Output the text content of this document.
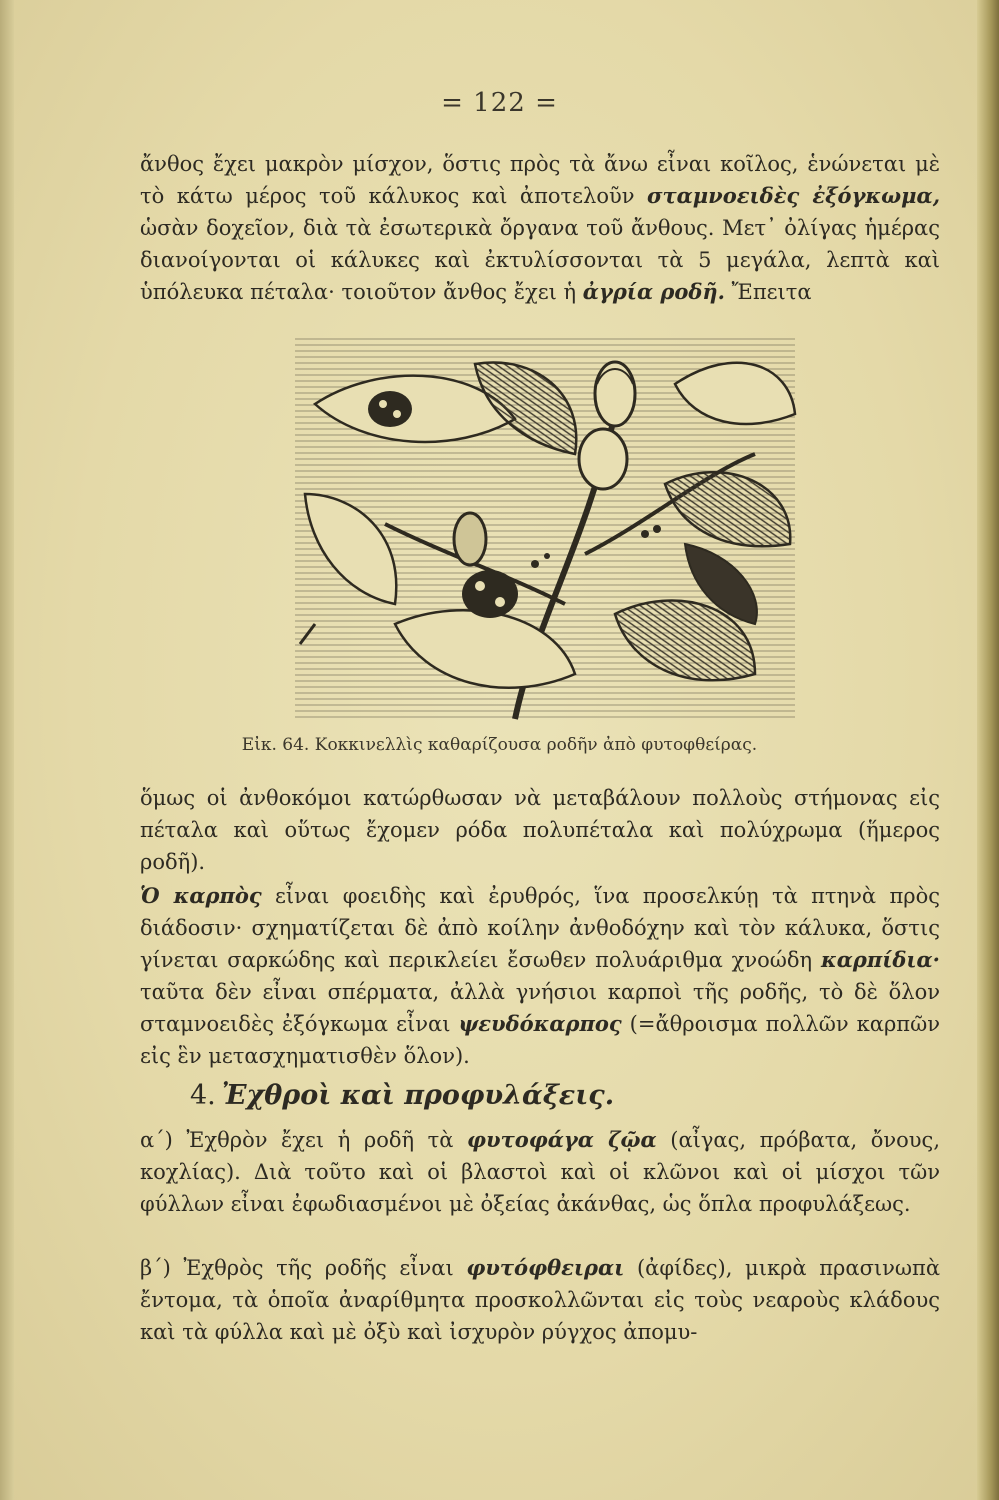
= 122 =

ἄνθος ἔχει μακρὸν μίσχον, ὅστις πρὸς τὰ ἄνω εἶναι κοῖλος, ἑνώνεται μὲ τὸ κάτω μέρος τοῦ κάλυκος καὶ ἀποτελοῦν σταμνοειδὲς ἐξόγκωμα, ὡσὰν δοχεῖον, διὰ τὰ ἐσωτερικὰ ὄργανα τοῦ ἄνθους. Μετ᾽ ὀλίγας ἡμέρας διανοίγονται οἱ κάλυκες καὶ ἐκτυλίσσονται τὰ 5 μεγάλα, λεπτὰ καὶ ὑπόλευκα πέταλα· τοιοῦτον ἄνθος ἔχει ἡ ἀγρία ροδῆ. Ἔπειτα

Εἰκ. 64. Κοκκινελλὶς καθαρίζουσα ροδῆν ἀπὸ φυτοφθείρας.

ὅμως οἱ ἀνθοκόμοι κατώρθωσαν νὰ μεταβάλουν πολλοὺς στήμονας εἰς πέταλα καὶ οὕτως ἔχομεν ρόδα πολυπέταλα καὶ πολύχρωμα (ἥμερος ροδῆ).

Ὁ καρπὸς εἶναι φοειδὴς καὶ ἐρυθρός, ἵνα προσελκύῃ τὰ πτηνὰ πρὸς διάδοσιν· σχηματίζεται δὲ ἀπὸ κοίλην ἀνθοδόχην καὶ τὸν κάλυκα, ὅστις γίνεται σαρκώδης καὶ περικλείει ἔσωθεν πολυάριθμα χνοώδη καρπίδια· ταῦτα δὲν εἶναι σπέρματα, ἀλλὰ γνήσιοι καρποὶ τῆς ροδῆς, τὸ δὲ ὅλον σταμνοειδὲς ἐξόγκωμα εἶναι ψευδόκαρπος (=ἄθροισμα πολλῶν καρπῶν εἰς ἓν μετασχηματισθὲν ὅλον).

4. Ἐχθροὶ καὶ προφυλάξεις.

α΄) Ἐχθρὸν ἔχει ἡ ροδῆ τὰ φυτοφάγα ζῷα (αἶγας, πρόβατα, ὄνους, κοχλίας). Διὰ τοῦτο καὶ οἱ βλαστοὶ καὶ οἱ κλῶνοι καὶ οἱ μίσχοι τῶν φύλλων εἶναι ἐφωδιασμένοι μὲ ὀξείας ἀκάνθας, ὡς ὅπλα προφυλάξεως.

β΄) Ἐχθρὸς τῆς ροδῆς εἶναι φυτόφθειραι (ἀφίδες), μικρὰ πρασινωπὰ ἔντομα, τὰ ὁποῖα ἀναρίθμητα προσκολλῶνται εἰς τοὺς νεαροὺς κλάδους καὶ τὰ φύλλα καὶ μὲ ὀξὺ καὶ ἰσχυρὸν ρύγχος ἀπομυ-
